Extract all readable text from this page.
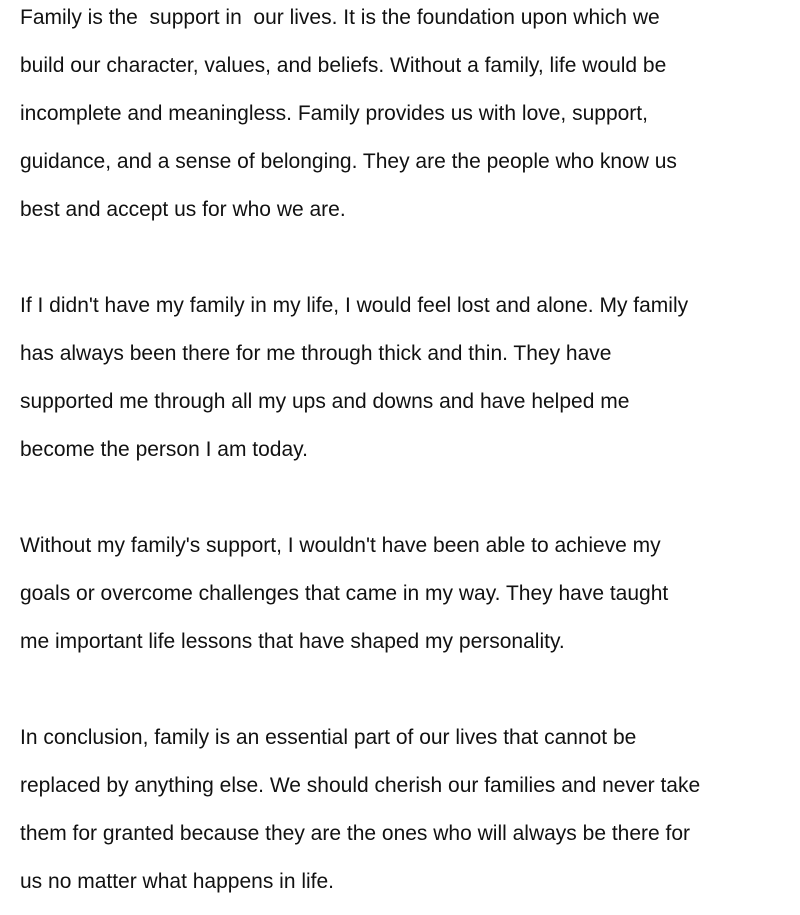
Family is the  support in  our lives. It is the foundation upon which we
build our character, values, and beliefs. Without a family, life would be
incomplete and meaningless. Family provides us with love, support,
guidance, and a sense of belonging. They are the people who know us
best and accept us for who we are.
If I didn't have my family in my life, I would feel lost and alone. My family
has always been there for me through thick and thin. They have
supported me through all my ups and downs and have helped me
become the person I am today.
Without my family's support, I wouldn't have been able to achieve my
goals or overcome challenges that came in my way. They have taught
me important life lessons that have shaped my personality.
In conclusion, family is an essential part of our lives that cannot be
replaced by anything else. We should cherish our families and never take
them for granted because they are the ones who will always be there for
us no matter what happens in life.
